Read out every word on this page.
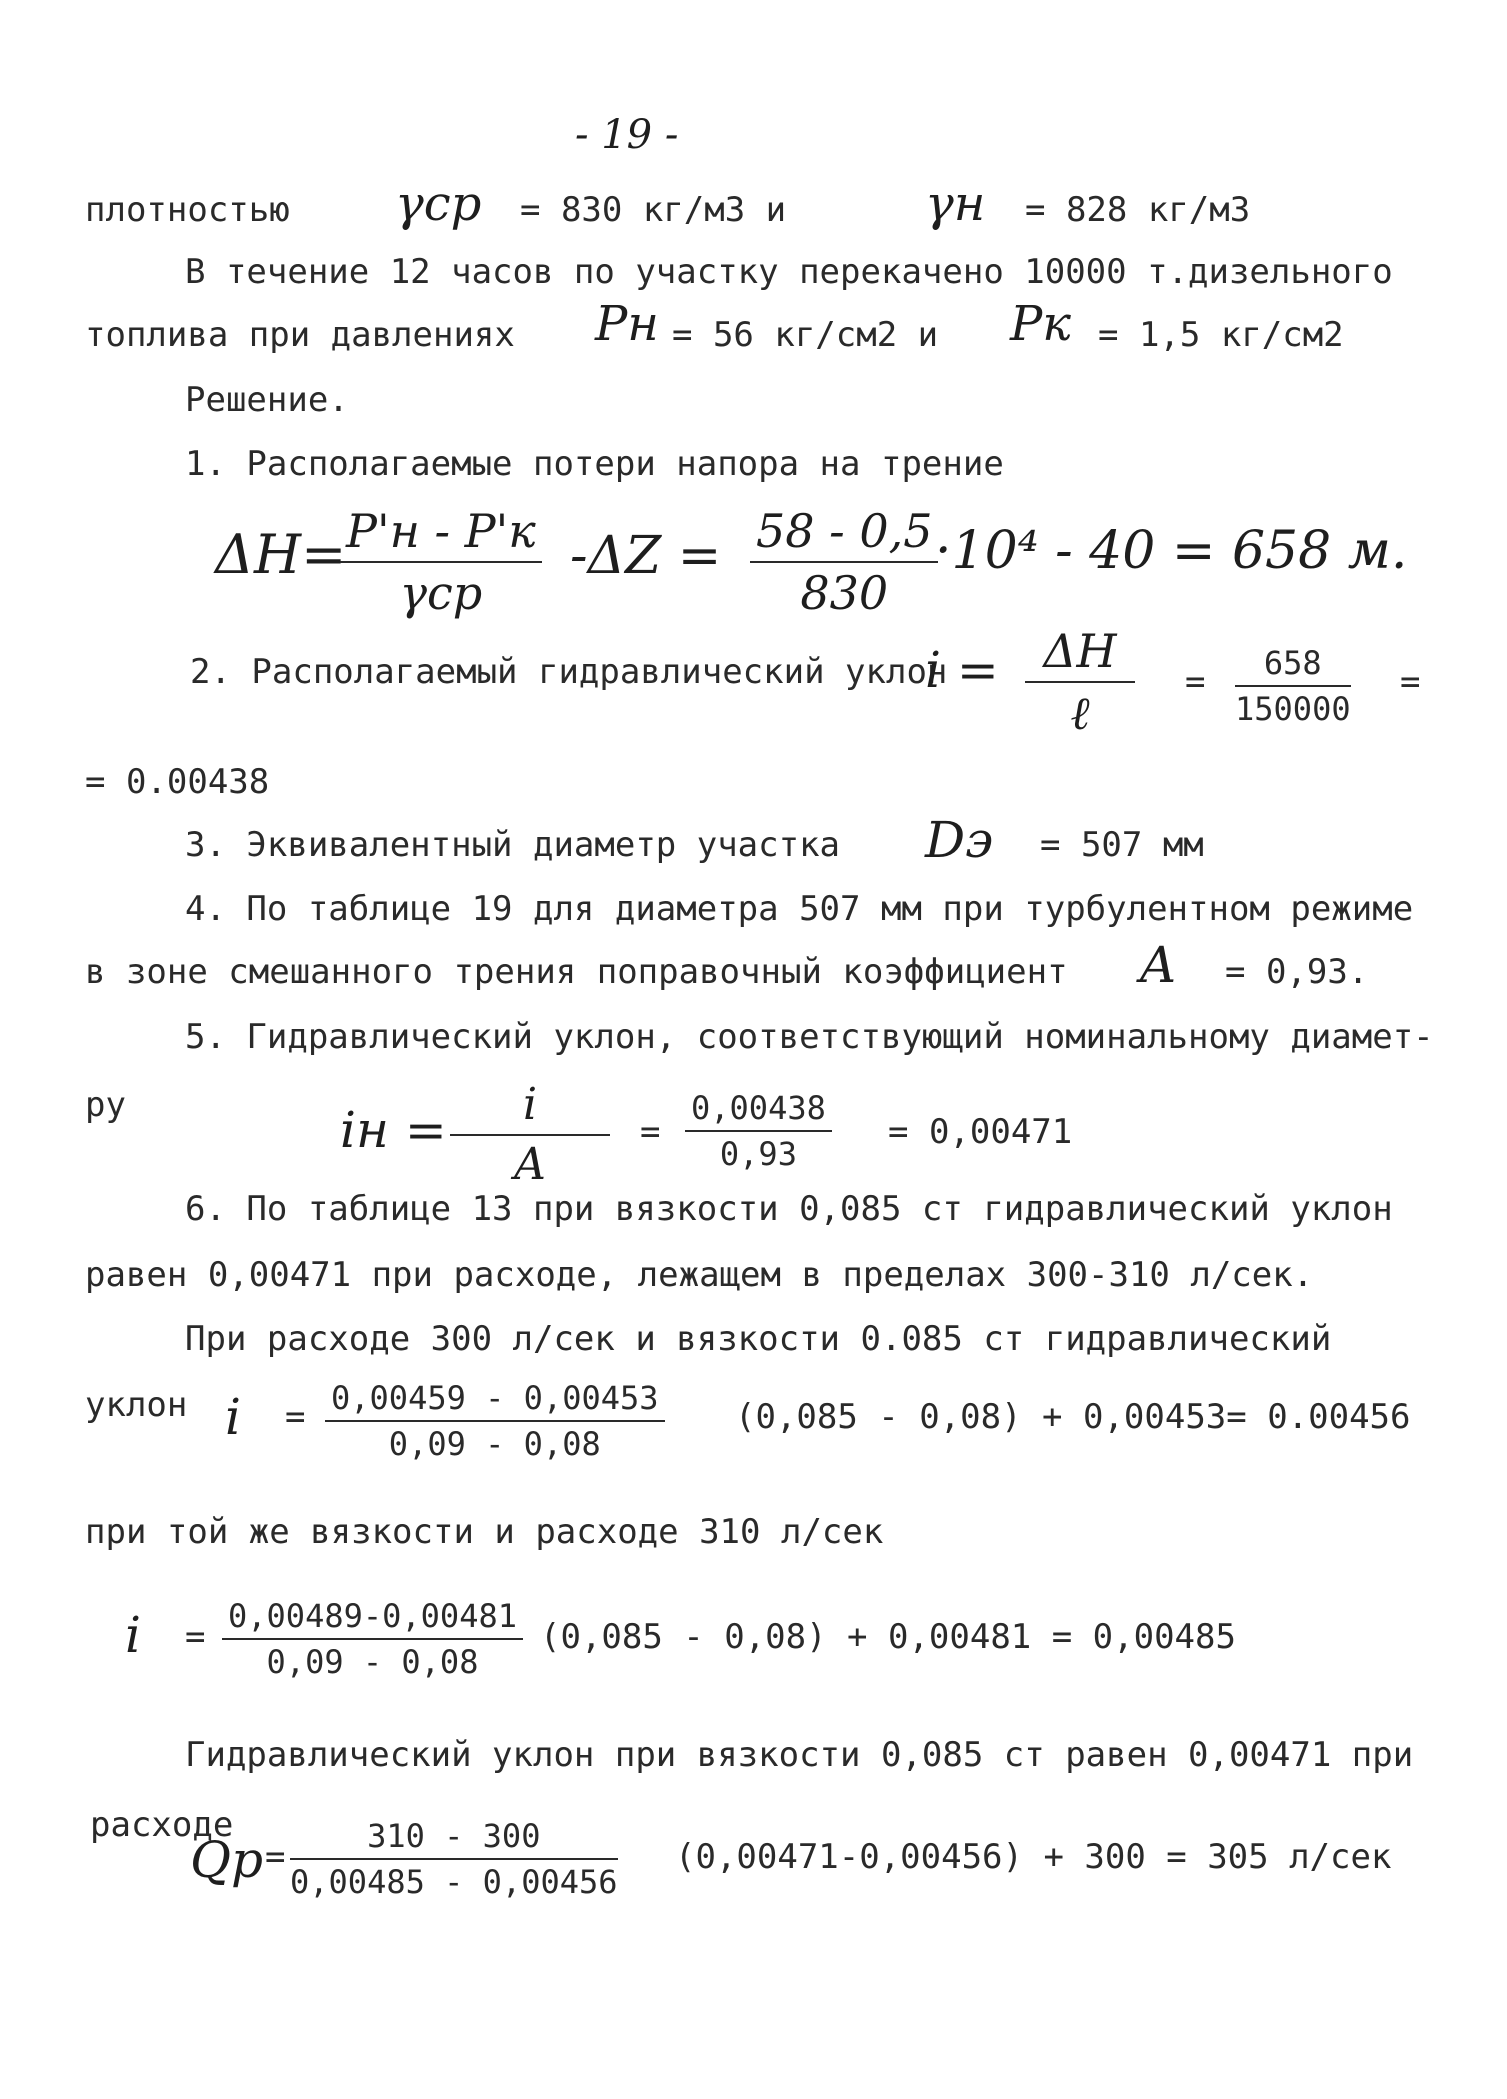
- 19 -
плотностью γср = 830 кг/м3 и	γн = 828 кг/м3
В течение 12 часов по участку перекачено 10000 т.дизельного
топлива при давлениях Pн = 56 кг/см2 и Pк = 1,5 кг/см2
Решение.
1. Располагаемые потери напора на трение
ΔH= P'н - P'к
γср
$-\Delta Z = \frac{58 - 0,5}{830}$
·10⁴ - 40 = 658 м.
2. Располагаемый гидравлический уклон
i = ΔH
ℓ
= $\frac{658}{150000}$ =
= 0.00438
3. Эквивалентный диаметр участка Dэ = 507 мм
4. По таблице 19 для диаметра 507 мм при турбулентном режиме
в зоне смешанного трения поправочный коэффициент A = 0,93.
5. Гидравлический уклон, соответствующий номинальному диамет-
ру	iн = $\frac{i}{A} = \frac{0,00438}{0,93} = 0,00471$
6. По таблице 13 при вязкости 0,085 ст гидравлический уклон
равен 0,00471 при расходе, лежащем в пределах 300-310 л/сек.
При расходе 300 л/сек и вязкости 0.085 ст гидравлический
уклон $i = \frac{0,00459 - 0,00453}{0,09 - 0,08} (0,085 - 0,08) + 0,00453= 0.00456$
при той же вязкости и расходе 310 л/сек
$i = \frac{0,00489-0,00481}{0,09 - 0,08} (0,085 - 0,08) + 0,00481 = 0,00485$
Гидравлический уклон при вязкости 0,085 ст равен 0,00471 при
расходе
Qр = $\frac{310 - 300}{0,00485 - 0,00456} (0,00471-0,00456) + 300 = 305$ л/сек
